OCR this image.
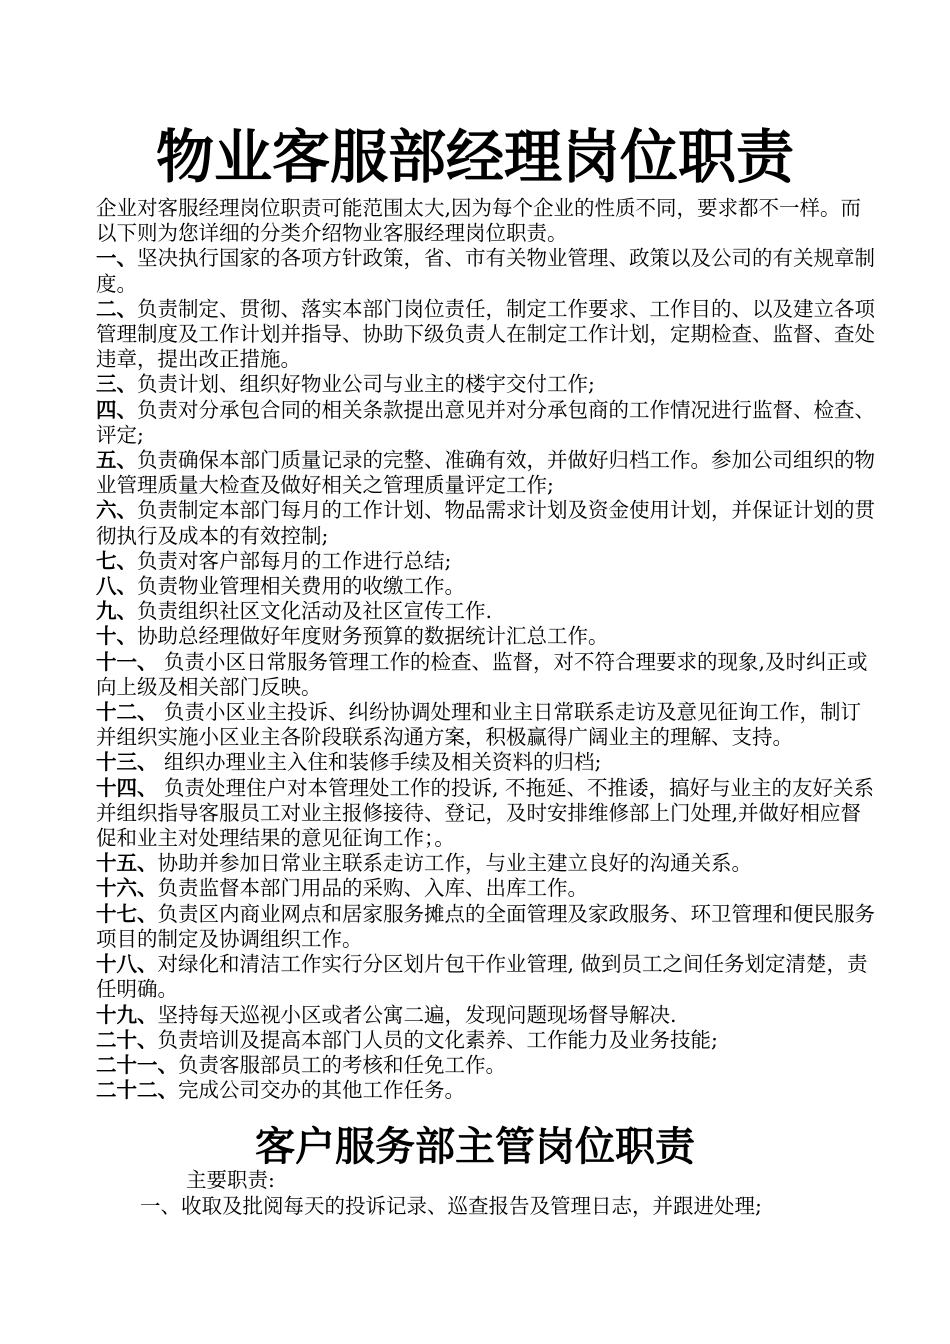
物业客服部经理岗位职责

企业对客服经理岗位职责可能范围太大,因为每个企业的性质不同，要求都不一样。而以下则为您详细的分类介绍物业客服经理岗位职责。

一、坚决执行国家的各项方针政策，省、市有关物业管理、政策以及公司的有关规章制度。

二、负责制定、贯彻、落实本部门岗位责任，制定工作要求、工作目的、以及建立各项管理制度及工作计划并指导、协助下级负责人在制定工作计划，定期检查、监督、查处违章，提出改正措施。

三、负责计划、组织好物业公司与业主的楼宇交付工作;

四、负责对分承包合同的相关条款提出意见并对分承包商的工作情况进行监督、检查、评定;

五、负责确保本部门质量记录的完整、准确有效，并做好归档工作。参加公司组织的物业管理质量大检查及做好相关之管理质量评定工作;

六、负责制定本部门每月的工作计划、物品需求计划及资金使用计划，并保证计划的贯彻执行及成本的有效控制;

七、负责对客户部每月的工作进行总结;

八、负责物业管理相关费用的收缴工作。

九、负责组织社区文化活动及社区宣传工作.

十、协助总经理做好年度财务预算的数据统计汇总工作。

十一、 负责小区日常服务管理工作的检查、监督，对不符合理要求的现象,及时纠正或向上级及相关部门反映。

十二、 负责小区业主投诉、纠纷协调处理和业主日常联系走访及意见征询工作，制订并组织实施小区业主各阶段联系沟通方案，积极赢得广阔业主的理解、支持。

十三、 组织办理业主入住和装修手续及相关资料的归档;

十四、 负责处理住户对本管理处工作的投诉, 不拖延、不推诿，搞好与业主的友好关系并组织指导客服员工对业主报修接待、登记，及时安排维修部上门处理,并做好相应督促和业主对处理结果的意见征询工作；。

十五、协助并参加日常业主联系走访工作，与业主建立良好的沟通关系。

十六、负责监督本部门用品的采购、入库、出库工作。

十七、负责区内商业网点和居家服务摊点的全面管理及家政服务、环卫管理和便民服务项目的制定及协调组织工作。

十八、对绿化和清洁工作实行分区划片包干作业管理, 做到员工之间任务划定清楚，责任明确。

十九、坚持每天巡视小区或者公寓二遍，发现问题现场督导解决.

二十、负责培训及提高本部门人员的文化素养、工作能力及业务技能;

二十一、负责客服部员工的考核和任免工作。

二十二、完成公司交办的其他工作任务。

客户服务部主管岗位职责
主要职责:
一、收取及批阅每天的投诉记录、巡查报告及管理日志，并跟进处理;
